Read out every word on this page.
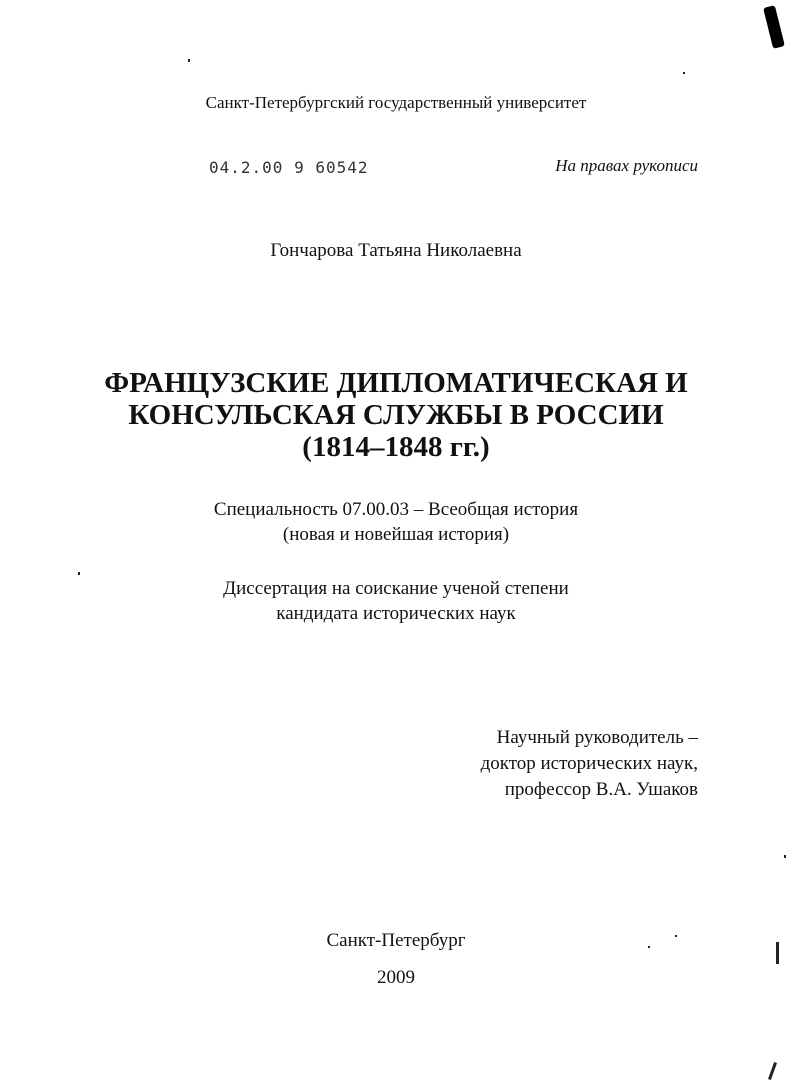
Санкт-Петербургский государственный университет
04.2.00 9 60542	На правах рукописи
Гончарова Татьяна Николаевна
ФРАНЦУЗСКИЕ ДИПЛОМАТИЧЕСКАЯ И
КОНСУЛЬСКАЯ СЛУЖБЫ В РОССИИ
(1814–1848 гг.)
Специальность 07.00.03 – Всеобщая история
(новая и новейшая история)
Диссертация на соискание ученой степени
кандидата исторических наук
Научный руководитель –
доктор исторических наук,
профессор В.А. Ушаков
Санкт-Петербург
2009
